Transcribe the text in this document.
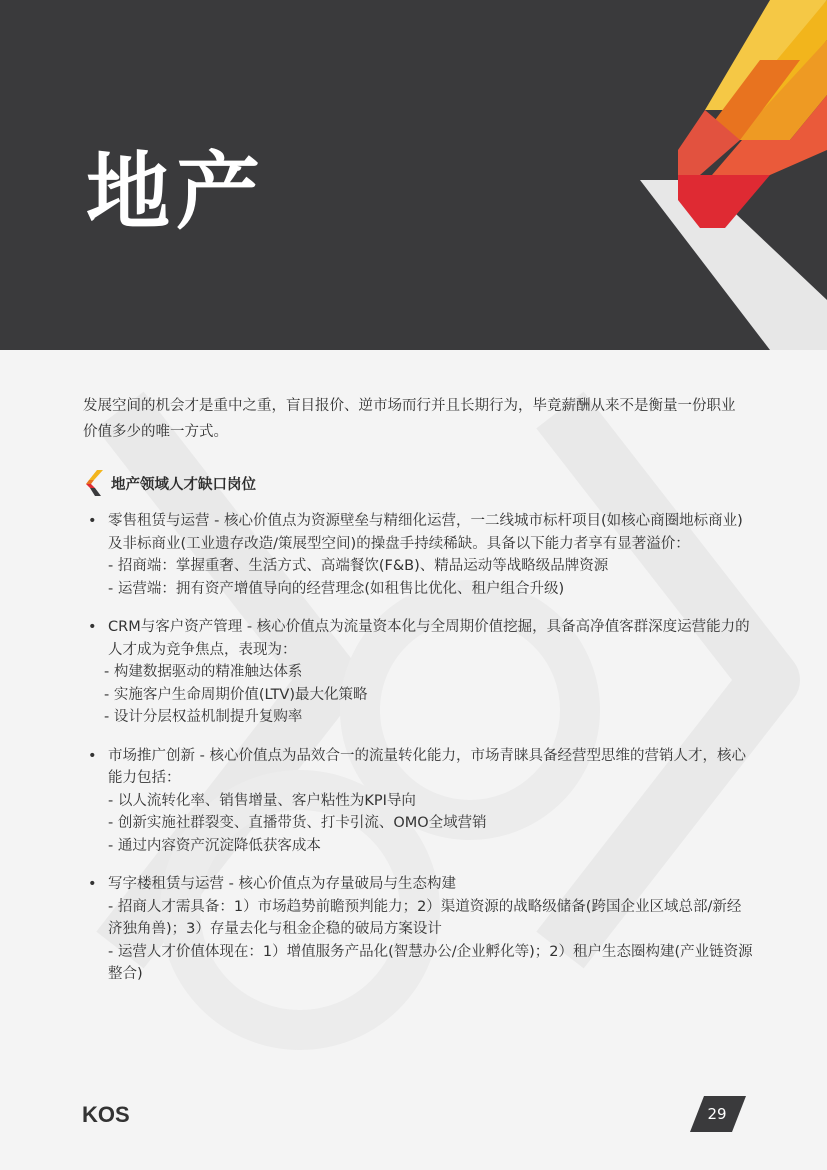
地产
发展空间的机会才是重中之重，盲目报价、逆市场而行并且长期行为，毕竟薪酬从来不是衡量一份职业价值多少的唯一方式。
地产领域人才缺口岗位
• 零售租赁与运营 - 核心价值点为资源壁垒与精细化运营，一二线城市标杆项目(如核心商圈地标商业)及非标商业(工业遗存改造/策展型空间)的操盘手持续稀缺。具备以下能力者享有显著溢价：
- 招商端：掌握重奢、生活方式、高端餐饮(F&B)、精品运动等战略级品牌资源
- 运营端：拥有资产增值导向的经营理念(如租售比优化、租户组合升级)
• CRM与客户资产管理 - 核心价值点为流量资本化与全周期价值挖掘，具备高净值客群深度运营能力的人才成为竞争焦点，表现为：
- 构建数据驱动的精准触达体系
- 实施客户生命周期价值(LTV)最大化策略
- 设计分层权益机制提升复购率
• 市场推广创新 - 核心价值点为品效合一的流量转化能力，市场青睐具备经营型思维的营销人才，核心能力包括：
- 以人流转化率、销售增量、客户粘性为KPI导向
- 创新实施社群裂变、直播带货、打卡引流、OMO全域营销
- 通过内容资产沉淀降低获客成本
• 写字楼租赁与运营 - 核心价值点为存量破局与生态构建
- 招商人才需具备：1）市场趋势前瞻预判能力；2）渠道资源的战略级储备(跨国企业区域总部/新经济独角兽)；3）存量去化与租金企稳的破局方案设计
- 运营人才价值体现在：1）增值服务产品化(智慧办公/企业孵化等)；2）租户生态圈构建(产业链资源整合)
KOS	29
